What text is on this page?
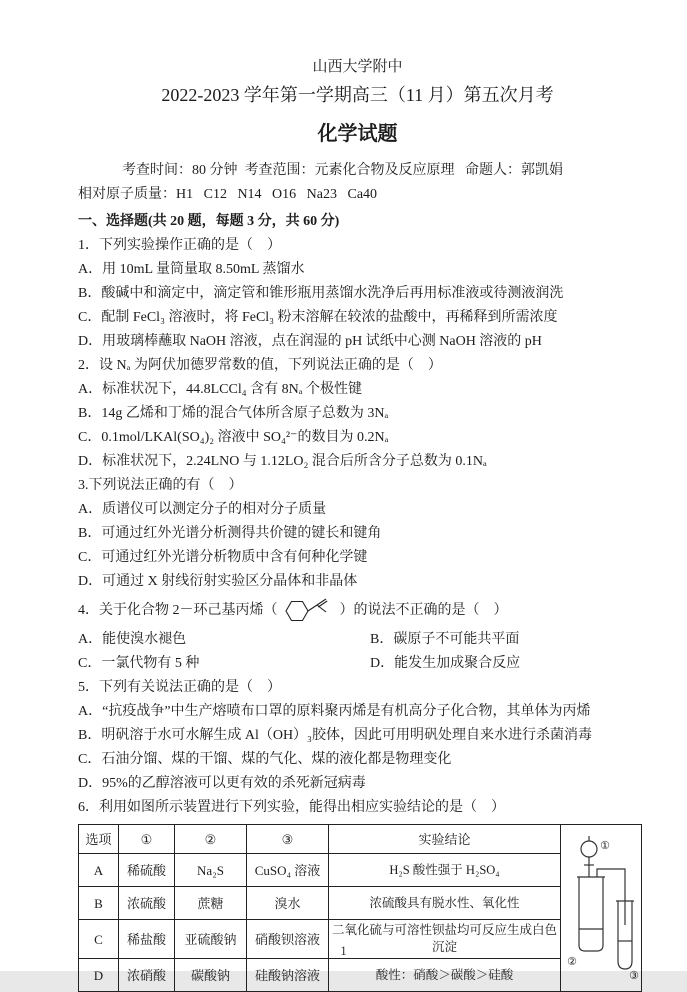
山西大学附中
2022-2023 学年第一学期高三（11 月）第五次月考
化学试题
考查时间：80 分钟  考查范围：元素化合物及反应原理   命题人：郭凯娟
相对原子质量：H1   C12   N14   O16   Na23   Ca40
一、选择题(共 20 题，每题 3 分，共 60 分)
1．下列实验操作正确的是（    ）
A．用 10mL 量筒量取 8.50mL 蒸馏水
B．酸碱中和滴定中，滴定管和锥形瓶用蒸馏水洗净后再用标准液或待测液润洗
C．配制 FeCl₃ 溶液时，将 FeCl₃ 粉末溶解在较浓的盐酸中，再稀释到所需浓度
D．用玻璃棒蘸取 NaOH 溶液，点在润湿的 pH 试纸中心测 NaOH 溶液的 pH
2．设 Nₐ 为阿伏加德罗常数的值，下列说法正确的是（    ）
A．标准状况下，44.8LCCl₄ 含有 8Nₐ 个极性键
B．14g 乙烯和丁烯的混合气体所含原子总数为 3Nₐ
C．0.1mol/LKAl(SO₄)₂ 溶液中 SO₄²⁻的数目为 0.2Nₐ
D．标准状况下，2.24LNO 与 1.12LO₂ 混合后所含分子总数为 0.1Nₐ
3.下列说法正确的有（    ）
A．质谱仪可以测定分子的相对分子质量
B．可通过红外光谱分析测得共价键的键长和键角
C．可通过红外光谱分析物质中含有何种化学键
D．可通过 X 射线衍射实验区分晶体和非晶体
4．关于化合物 2－环己基丙烯（	）的说法不正确的是（    ）
A．能使溴水褪色	B．碳原子不可能共平面
C．一氯代物有 5 种	D．能发生加成聚合反应
5．下列有关说法正确的是（    ）
A．“抗疫战争”中生产熔喷布口罩的原料聚丙烯是有机高分子化合物，其单体为丙烯
B．明矾溶于水可水解生成 Al（OH）₃胶体，因此可用明矾处理自来水进行杀菌消毒
C．石油分馏、煤的干馏、煤的气化、煤的液化都是物理变化
D．95%的乙醇溶液可以更有效的杀死新冠病毒
6．利用如图所示装置进行下列实验，能得出相应实验结论的是（    ）
选项	①	②	③	实验结论	①
②
③

A	稀硫酸	Na₂S	CuSO₄ 溶液	H₂S 酸性强于 H₂SO₄	
B	浓硫酸	蔗糖	溴水	浓硫酸具有脱水性、氧化性	
C	稀盐酸	亚硫酸钠	硝酸钡溶液	二氧化硫与可溶性钡盐均可反应生成白色沉淀	
D	浓硝酸	碳酸钠	硅酸钠溶液	酸性：硝酸＞碳酸＞硅酸	
1
